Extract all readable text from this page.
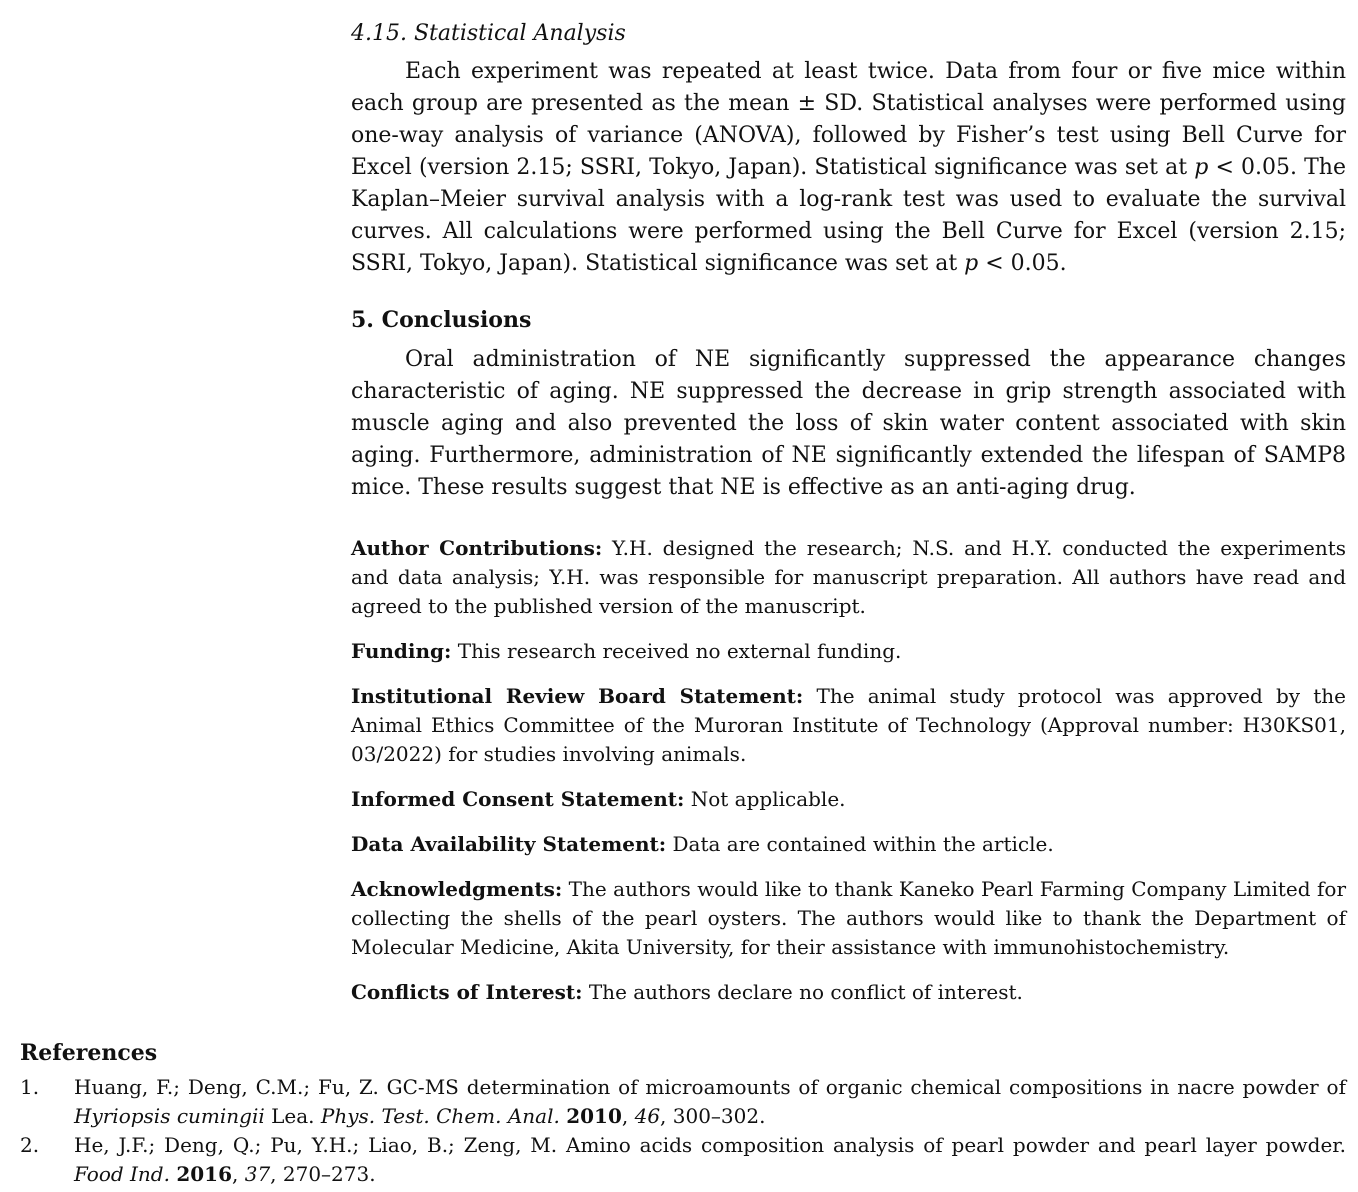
4.15. Statistical Analysis

Each experiment was repeated at least twice. Data from four or five mice within each group are presented as the mean ± SD. Statistical analyses were performed using one-way analysis of variance (ANOVA), followed by Fisher’s test using Bell Curve for Excel (version 2.15; SSRI, Tokyo, Japan). Statistical significance was set at p < 0.05. The Kaplan–Meier survival analysis with a log-rank test was used to evaluate the survival curves. All calculations were performed using the Bell Curve for Excel (version 2.15; SSRI, Tokyo, Japan). Statistical significance was set at p < 0.05.

5. Conclusions

Oral administration of NE significantly suppressed the appearance changes characteristic of aging. NE suppressed the decrease in grip strength associated with muscle aging and also prevented the loss of skin water content associated with skin aging. Furthermore, administration of NE significantly extended the lifespan of SAMP8 mice. These results suggest that NE is effective as an anti-aging drug.

Author Contributions: Y.H. designed the research; N.S. and H.Y. conducted the experiments and data analysis; Y.H. was responsible for manuscript preparation. All authors have read and agreed to the published version of the manuscript.

Funding: This research received no external funding.

Institutional Review Board Statement: The animal study protocol was approved by the Animal Ethics Committee of the Muroran Institute of Technology (Approval number: H30KS01, 03/2022) for studies involving animals.

Informed Consent Statement: Not applicable.

Data Availability Statement: Data are contained within the article.

Acknowledgments: The authors would like to thank Kaneko Pearl Farming Company Limited for collecting the shells of the pearl oysters. The authors would like to thank the Department of Molecular Medicine, Akita University, for their assistance with immunohistochemistry.

Conflicts of Interest: The authors declare no conflict of interest.

References

1. Huang, F.; Deng, C.M.; Fu, Z. GC-MS determination of microamounts of organic chemical compositions in nacre powder of Hyriopsis cumingii Lea. Phys. Test. Chem. Anal. 2010, 46, 300–302.

2. He, J.F.; Deng, Q.; Pu, Y.H.; Liao, B.; Zeng, M. Amino acids composition analysis of pearl powder and pearl layer powder. Food Ind. 2016, 37, 270–273.
